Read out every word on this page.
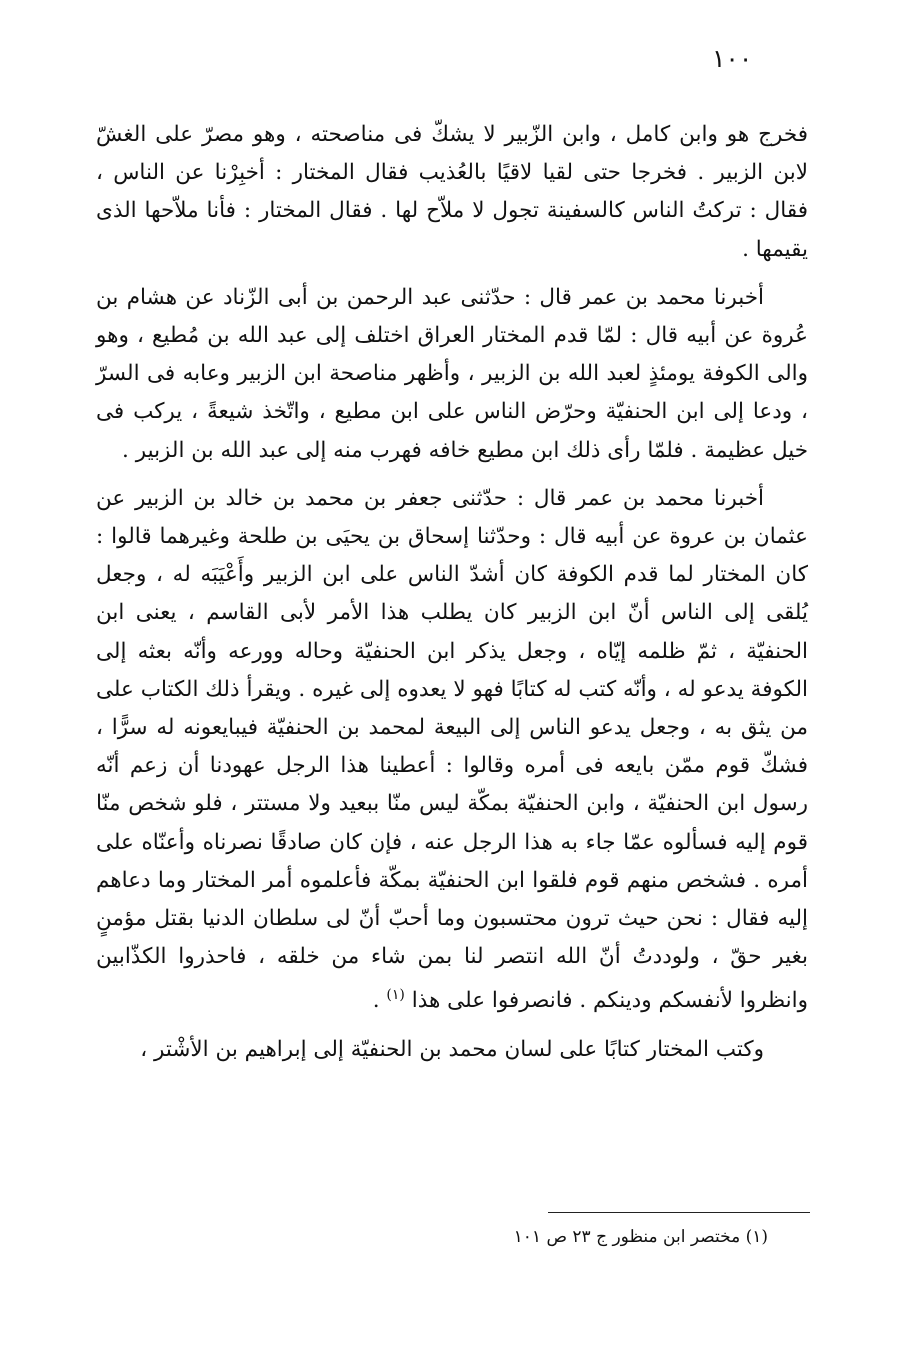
١٠٠

فخرج هو وابن كامل ، وابن الزّبير لا يشكّ فى مناصحته ، وهو مصرّ على الغشّ لابن الزبير . فخرجا حتى لقيا لاقيًا بالعُذيب فقال المختار : أخبِرْنا عن الناس ، فقال : تركتُ الناس كالسفينة تجول لا ملاّح لها . فقال المختار : فأنا ملاّحها الذى يقيمها .

أخبرنا محمد بن عمر قال : حدّثنى عبد الرحمن بن أبى الزّناد عن هشام بن عُروة عن أبيه قال : لمّا قدم المختار العراق اختلف إلى عبد الله بن مُطيع ، وهو والى الكوفة يومئذٍ لعبد الله بن الزبير ، وأظهر مناصحة ابن الزبير وعابه فى السرّ ، ودعا إلى ابن الحنفيّة وحرّض الناس على ابن مطيع ، واتّخذ شيعةً ، يركب فى خيل عظيمة . فلمّا رأى ذلك ابن مطيع خافه فهرب منه إلى عبد الله بن الزبير .

أخبرنا محمد بن عمر قال : حدّثنى جعفر بن محمد بن خالد بن الزبير عن عثمان بن عروة عن أبيه قال : وحدّثنا إسحاق بن يحيَى بن طلحة وغيرهما قالوا : كان المختار لما قدم الكوفة كان أشدّ الناس على ابن الزبير وأَعْيَبَه له ، وجعل يُلقى إلى الناس أنّ ابن الزبير كان يطلب هذا الأمر لأبى القاسم ، يعنى ابن الحنفيّة ، ثمّ ظلمه إيّاه ، وجعل يذكر ابن الحنفيّة وحاله وورعه وأنّه بعثه إلى الكوفة يدعو له ، وأنّه كتب له كتابًا فهو لا يعدوه إلى غيره . ويقرأ ذلك الكتاب على من يثق به ، وجعل يدعو الناس إلى البيعة لمحمد بن الحنفيّة فيبايعونه له سرًّا ، فشكّ قوم ممّن بايعه فى أمره وقالوا : أعطينا هذا الرجل عهودنا أن زعم أنّه رسول ابن الحنفيّة ، وابن الحنفيّة بمكّة ليس منّا ببعيد ولا مستتر ، فلو شخص منّا قوم إليه فسألوه عمّا جاء به هذا الرجل عنه ، فإن كان صادقًا نصرناه وأعنّاه على أمره . فشخص منهم قوم فلقوا ابن الحنفيّة بمكّة فأعلموه أمر المختار وما دعاهم إليه فقال : نحن حيث ترون محتسبون وما أحبّ أنّ لى سلطان الدنيا بقتل مؤمنٍ بغير حقّ ، ولوددتُ أنّ الله انتصر لنا بمن شاء من خلقه ، فاحذروا الكذّابين وانظروا لأنفسكم ودينكم . فانصرفوا على هذا $^{(١)}$ .

وكتب المختار كتابًا على لسان محمد بن الحنفيّة إلى إبراهيم بن الأشْتر ،

(١) مختصر ابن منظور ج ٢٣ ص ١٠١
